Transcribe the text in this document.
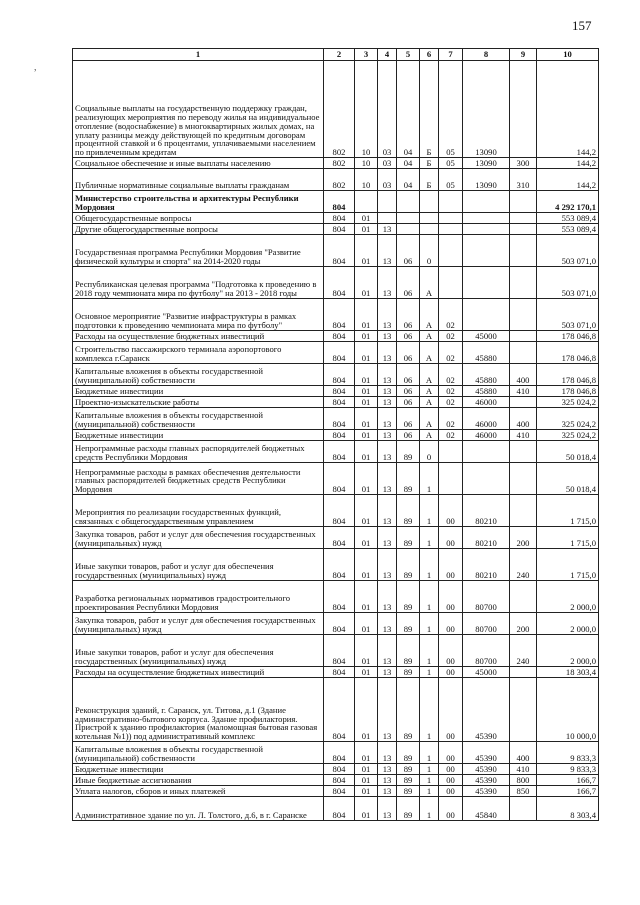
157
,
1	2	3	4	5	6	7	8	9	10
Социальные выплаты на государственную поддержку граждан, реализующих мероприятия по переводу жилья на индивидуальное отопление (водоснабжение) в многоквартирных жилых домах, на уплату разницы между действующей по кредитным договорам процентной ставкой и 6 процентами, уплачиваемыми населением по привлеченным кредитам	802	10	03	04	Б	05	13090		144,2
Социальное обеспечение и иные выплаты населению	802	10	03	04	Б	05	13090	300	144,2
Публичные нормативные социальные выплаты гражданам	802	10	03	04	Б	05	13090	310	144,2
Министерство строительства и архитектуры Республики Мордовия	804								4 292 170,1
Общегосударственные вопросы	804	01							553 089,4
Другие общегосударственные вопросы	804	01	13						553 089,4
Государственная программа Республики Мордовия "Развитие физической культуры и спорта" на 2014-2020 годы	804	01	13	06	0				503 071,0
Республиканская целевая программа "Подготовка к проведению в 2018 году чемпионата мира по футболу" на 2013 - 2018 годы	804	01	13	06	А				503 071,0
Основное мероприятие "Развитие инфраструктуры в рамках подготовки к проведению чемпионата мира по футболу"	804	01	13	06	А	02			503 071,0
Расходы на осуществление бюджетных инвестиций	804	01	13	06	А	02	45000		178 046,8
Строительство пассажирского терминала аэропортового комплекса г.Саранск	804	01	13	06	А	02	45880		178 046,8
Капитальные вложения в объекты государственной (муниципальной) собственности	804	01	13	06	А	02	45880	400	178 046,8
Бюджетные инвестиции	804	01	13	06	А	02	45880	410	178 046,8
Проектно-изыскательские работы	804	01	13	06	А	02	46000		325 024,2
Капитальные вложения в объекты государственной (муниципальной) собственности	804	01	13	06	А	02	46000	400	325 024,2
Бюджетные инвестиции	804	01	13	06	А	02	46000	410	325 024,2
Непрограммные расходы главных распорядителей бюджетных средств Республики Мордовия	804	01	13	89	0				50 018,4
Непрограммные расходы в рамках обеспечения деятельности главных распорядителей бюджетных средств Республики Мордовия	804	01	13	89	1				50 018,4
Мероприятия по реализации государственных функций, связанных с общегосударственным управлением	804	01	13	89	1	00	80210		1 715,0
Закупка товаров, работ и услуг для обеспечения государственных (муниципальных) нужд	804	01	13	89	1	00	80210	200	1 715,0
Иные закупки товаров, работ и услуг для обеспечения государственных (муниципальных) нужд	804	01	13	89	1	00	80210	240	1 715,0
Разработка региональных нормативов градостроительного проектирования Республики Мордовия	804	01	13	89	1	00	80700		2 000,0
Закупка товаров, работ и услуг для обеспечения государственных (муниципальных) нужд	804	01	13	89	1	00	80700	200	2 000,0
Иные закупки товаров, работ и услуг для обеспечения государственных (муниципальных) нужд	804	01	13	89	1	00	80700	240	2 000,0
Расходы на осуществление бюджетных инвестиций	804	01	13	89	1	00	45000		18 303,4
Реконструкция зданий, г. Саранск, ул. Титова, д.1 (Здание административно-бытового корпуса. Здание профилактория. Пристрой к зданию профилактория (маломощная бытовая газовая котельная №1)) под административный комплекс	804	01	13	89	1	00	45390		10 000,0
Капитальные вложения в объекты государственной (муниципальной) собственности	804	01	13	89	1	00	45390	400	9 833,3
Бюджетные инвестиции	804	01	13	89	1	00	45390	410	9 833,3
Иные бюджетные ассигнования	804	01	13	89	1	00	45390	800	166,7
Уплата налогов, сборов и иных платежей	804	01	13	89	1	00	45390	850	166,7
Административное здание по ул. Л. Толстого, д.6, в г. Саранске	804	01	13	89	1	00	45840		8 303,4
